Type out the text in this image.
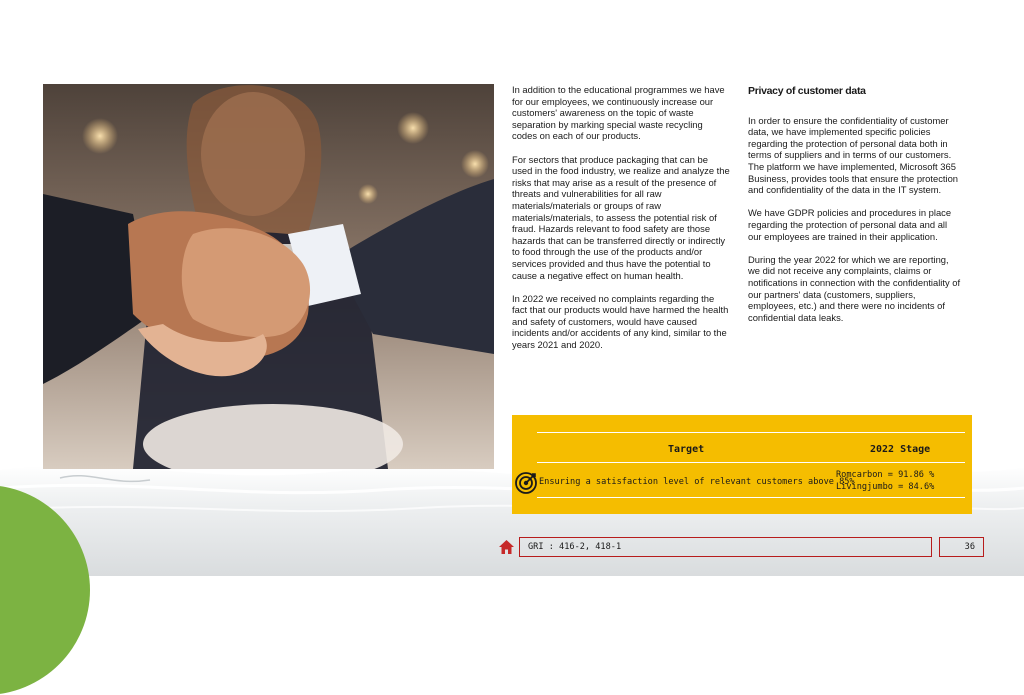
In addition to the educational programmes we have for our employees, we continuously increase our customers' awareness on the topic of waste separation by marking special waste recycling codes on each of our products.

For sectors that produce packaging that can be used in the food industry, we realize and analyze the risks that may arise as a result of the presence of threats and vulnerabilities for all raw materials/materials or groups of raw materials/materials, to assess the potential risk of fraud. Hazards relevant to food safety are those hazards that can be transferred directly or indirectly to food through the use of the products and/or services provided and thus have the potential to cause a negative effect on human health.

In 2022 we received no complaints regarding the fact that our products would have harmed the health and safety of customers, would have caused incidents and/or accidents of any kind, similar to the years 2021 and 2020.

Privacy of customer data

In order to ensure the confidentiality of customer data, we have implemented specific policies regarding the protection of personal data both in terms of suppliers and in terms of our customers. The platform we have implemented, Microsoft 365 Business, provides tools that ensure the protection and confidentiality of the data in the IT system.

We have GDPR policies and procedures in place regarding the protection of personal data and all our employees are trained in their application.

During the year 2022 for which we are reporting, we did not receive any complaints, claims or notifications in connection with the confidentiality of our partners' data (customers, suppliers, employees, etc.) and there were no incidents of confidential data leaks.

Target	2022 Stage
Ensuring a satisfaction level of relevant customers above 85%
Romcarbon = 91.86 %
Livingjumbo = 84.6%
GRI : 416-2, 418-1	36
